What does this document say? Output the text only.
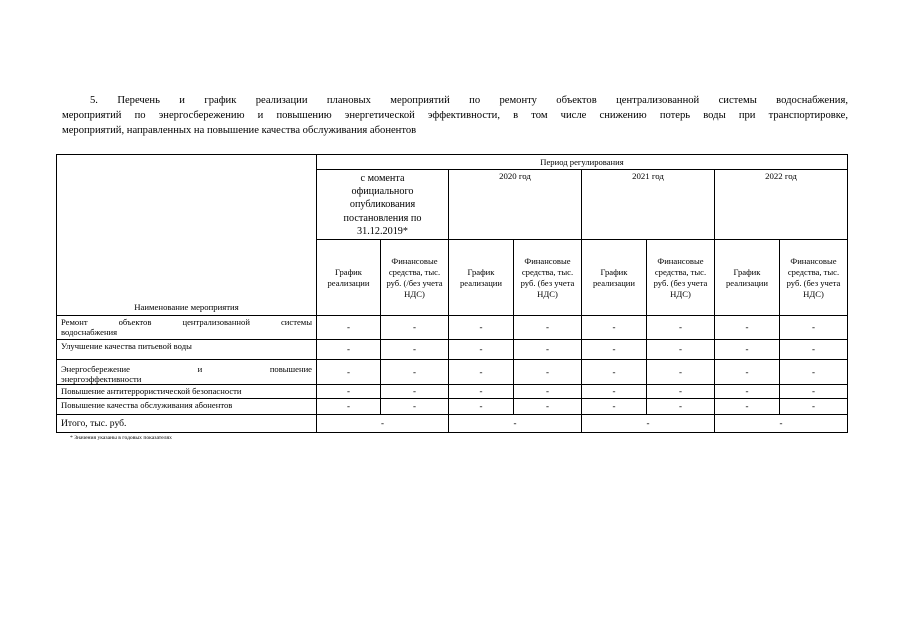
5. Перечень и график реализации плановых мероприятий по ремонту объектов централизованной системы водоснабжения,
мероприятий по энергосбережению и повышению энергетической эффективности, в том числе снижению потерь воды при транспортировке,
мероприятий, направленных на повышение качества обслуживания абонентов
Наименование мероприятия	Период регулирования							

	с момента официального опубликования постановления по 31.12.2019*		2020 год		2021 год		2022 год	

	График реализации	Финансовые средства, тыс. руб. (/без учета НДС)	График реализации	Финансовые средства, тыс. руб. (без учета НДС)	График реализации	Финансовые средства, тыс. руб. (без учета НДС)	График реализации	Финансовые средства, тыс. руб. (без учета НДС)

Ремонт объектов централизованной системы
водоснабжения	-	-	-	-	-	-	-	-
Улучшение качества питьевой воды	-	-	-	-	-	-	-	-

Энергосбережение и повышение
энергоэффективности	-	-	-	-	-	-	-	-
Повышение антитеррористической безопасности	-	-	-	-	-	-	-	-
Повышение качества обслуживания абонентов	-	-	-	-	-	-	-	-
Итого, тыс. руб.	-		-		-		-	
* Значения указаны в годовых показателях
